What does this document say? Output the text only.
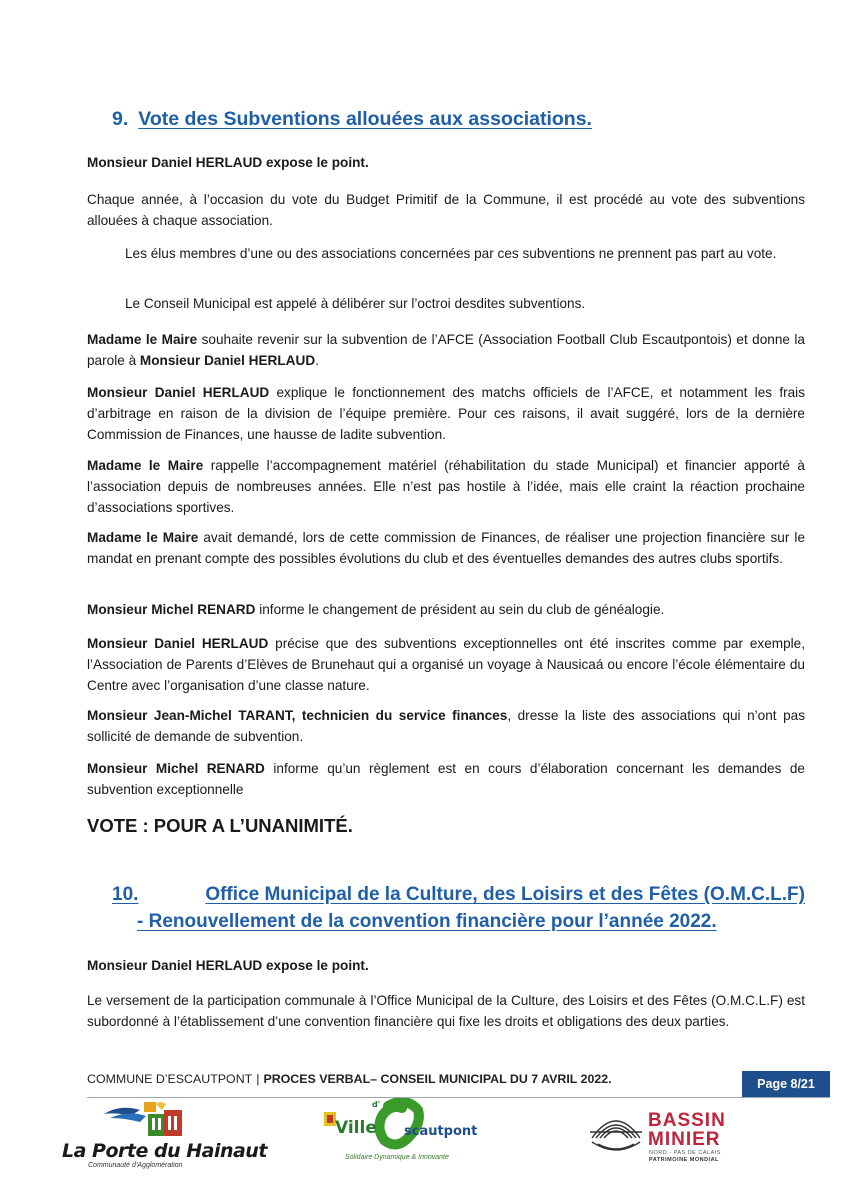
9. Vote des Subventions allouées aux associations.
Monsieur Daniel HERLAUD expose le point.
Chaque année, à l’occasion du vote du Budget Primitif de la Commune, il est procédé au vote des subventions allouées à chaque association.
Les élus membres d’une ou des associations concernées par ces subventions ne prennent pas part au vote.
Le Conseil Municipal est appelé à délibérer sur l’octroi desdites subventions.
Madame le Maire souhaite revenir sur la subvention de l’AFCE (Association Football Club Escautpontois) et donne la parole à Monsieur Daniel HERLAUD.
Monsieur Daniel HERLAUD explique le fonctionnement des matchs officiels de l’AFCE, et notamment les frais d’arbitrage en raison de la division de l’équipe première. Pour ces raisons, il avait suggéré, lors de la dernière Commission de Finances, une hausse de ladite subvention.
Madame le Maire rappelle l’accompagnement matériel (réhabilitation du stade Municipal) et financier apporté à l’association depuis de nombreuses années. Elle n’est pas hostile à l’idée, mais elle craint la réaction prochaine d’associations sportives.
Madame le Maire avait demandé, lors de cette commission de Finances, de réaliser une projection financière sur le mandat en prenant compte des possibles évolutions du club et des éventuelles demandes des autres clubs sportifs.
Monsieur Michel RENARD informe le changement de président au sein du club de généalogie.
Monsieur Daniel HERLAUD précise que des subventions exceptionnelles ont été inscrites comme par exemple, l’Association de Parents d’Elèves de Brunehaut qui a organisé un voyage à Nausicaá ou encore l’école élémentaire du Centre avec l’organisation d’une classe nature.
Monsieur Jean-Michel TARANT, technicien du service finances, dresse la liste des associations qui n’ont pas sollicité de demande de subvention.
Monsieur Michel RENARD informe qu’un règlement est en cours d’élaboration concernant les demandes de subvention exceptionnelle
VOTE : POUR A L’UNANIMITÉ.
10.	Office Municipal de la Culture, des Loisirs et des Fêtes (O.M.C.L.F)
- Renouvellement de la convention financière pour l’année 2022.
Monsieur Daniel HERLAUD expose le point.
Le versement de la participation communale à l’Office Municipal de la Culture, des Loisirs et des Fêtes (O.M.C.L.F) est subordonné à l’établissement d’une convention financière qui fixe les droits et obligations des deux parties.
COMMUNE D’ESCAUTPONT | PROCES VERBAL– CONSEIL MUNICIPAL DU 7 AVRIL 2022.	Page 8/21
La Porte du Hainaut
Communauté d’Agglomération
Ville
d'
scautpont
Solidaire Dynamique & Innovante
BASSIN
MINIER
NORD - PAS DE CALAIS
PATRIMOINE MONDIAL
